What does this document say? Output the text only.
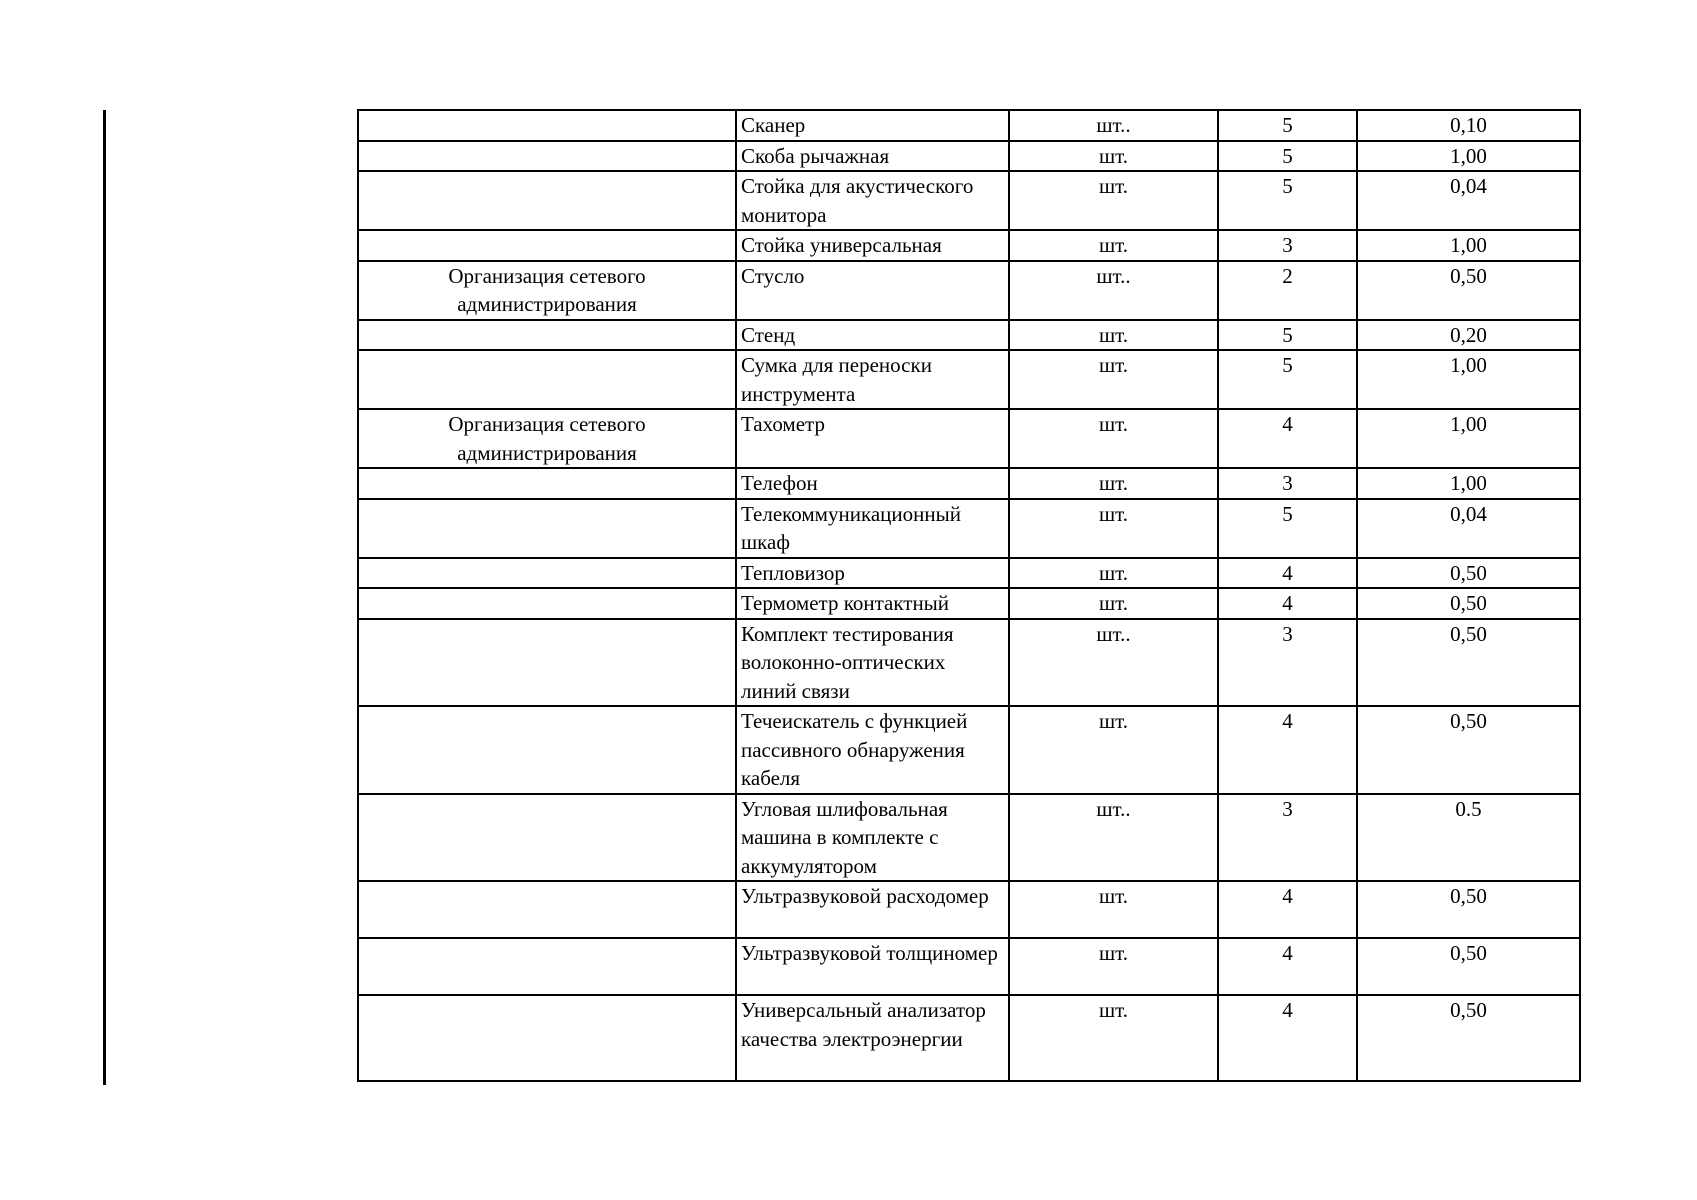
	Сканер	шт..	5	0,10
	Скоба рычажная	шт.	5	1,00
	Стойка для акустического монитора	шт.	5	0,04
	Стойка универсальная	шт.	3	1,00
Организация сетевого администрирования	Стусло	шт..	2	0,50
	Стенд	шт.	5	0,20
	Сумка для переноски инструмента	шт.	5	1,00
Организация сетевого администрирования	Тахометр	шт.	4	1,00
	Телефон	шт.	3	1,00
	Телекоммуникационный шкаф	шт.	5	0,04
	Тепловизор	шт.	4	0,50
	Термометр контактный	шт.	4	0,50
	Комплект тестирования волоконно-оптических линий связи	шт..	3	0,50
	Течеискатель с функцией пассивного обнаружения кабеля	шт.	4	0,50
	Угловая шлифовальная машина в комплекте с аккумулятором	шт..	3	0.5
	Ультразвуковой расходомер	шт.	4	0,50
	Ультразвуковой толщиномер	шт.	4	0,50
	Универсальный анализатор качества электроэнергии	шт.	4	0,50
